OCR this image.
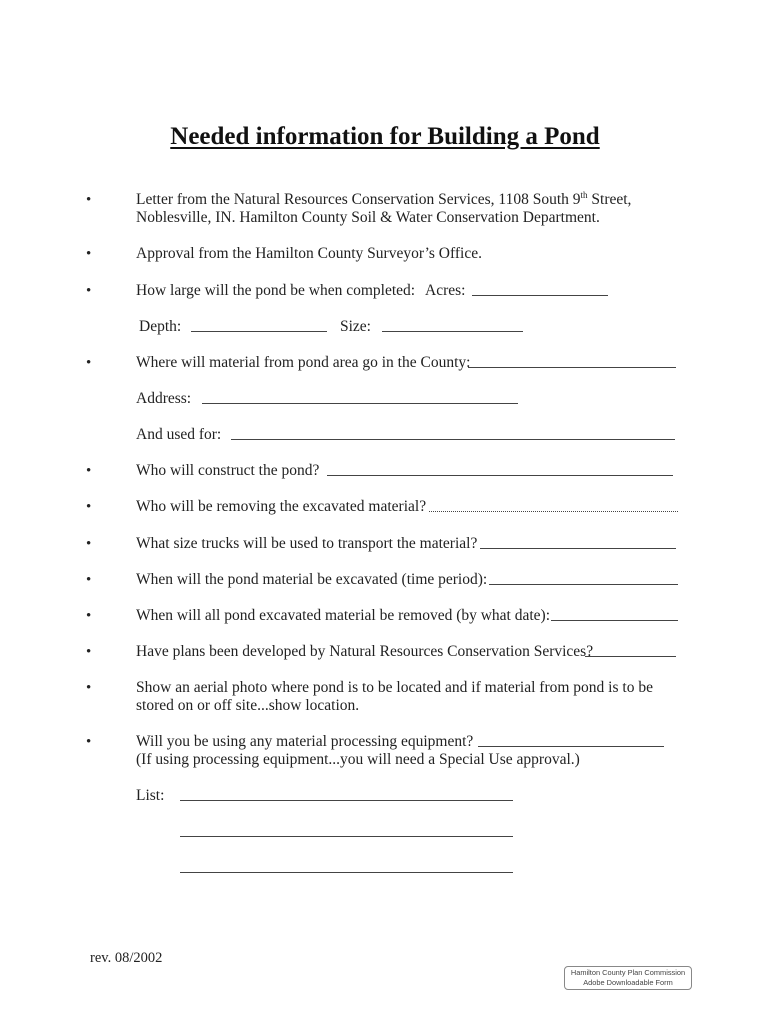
Needed information for Building a Pond
•	Letter from the Natural Resources Conservation Services, 1108 South 9th Street,
Noblesville, IN. Hamilton County Soil & Water Conservation Department.
•	Approval from the Hamilton County Surveyor’s Office.
•	How large will the pond be when completed: Acres:
Depth:	Size:
•	Where will material from pond area go in the County:
Address:
And used for:
•	Who will construct the pond?
•	Who will be removing the excavated material?
•	What size trucks will be used to transport the material?
•	When will the pond material be excavated (time period):
•	When will all pond excavated material be removed (by what date):
•	Have plans been developed by Natural Resources Conservation Services?
•	Show an aerial photo where pond is to be located and if material from pond is to be
stored on or off site...show location.
•	Will you be using any material processing equipment?
(If using processing equipment...you will need a Special Use approval.)
List:
rev. 08/2002
Hamilton County Plan Commission
Adobe Downloadable Form
